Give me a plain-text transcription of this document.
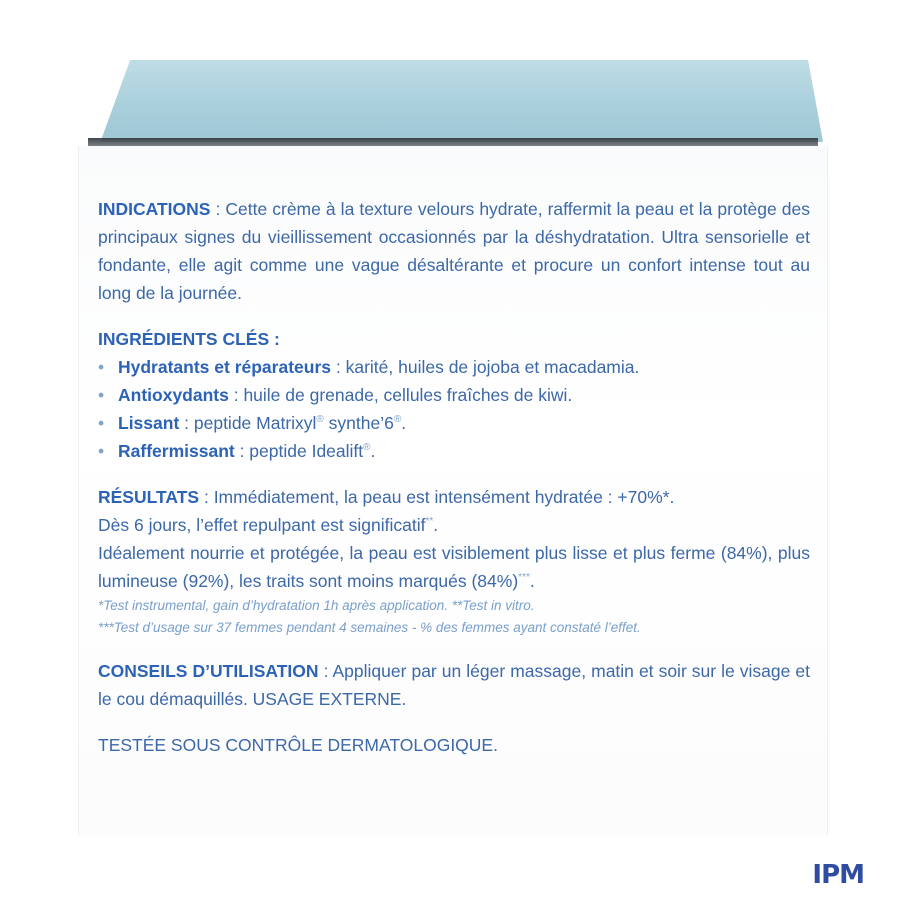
INDICATIONS : Cette crème à la texture velours hydrate, raffermit la peau et la protège des principaux signes du vieillissement occasionnés par la déshydratation. Ultra sensorielle et fondante, elle agit comme une vague désaltérante et procure un confort intense tout au long de la journée.

INGRÉDIENTS CLÉS :

• Hydratants et réparateurs : karité, huiles de jojoba et macadamia.
• Antioxydants : huile de grenade, cellules fraîches de kiwi.
• Lissant : peptide Matrixyl® synthe’6®.
• Raffermissant : peptide Idealift®.

RÉSULTATS : Immédiatement, la peau est intensément hydratée : +70%*.

Dès 6 jours, l’effet repulpant est significatif**.

Idéalement nourrie et protégée, la peau est visiblement plus lisse et plus ferme (84%), plus lumineuse (92%), les traits sont moins marqués (84%)***.

*Test instrumental, gain d’hydratation 1h après application. **Test in vitro.

***Test d’usage sur 37 femmes pendant 4 semaines - % des femmes ayant constaté l’effet.

CONSEILS D’UTILISATION : Appliquer par un léger massage, matin et soir sur le visage et le cou démaquillés. USAGE EXTERNE.

TESTÉE SOUS CONTRÔLE DERMATOLOGIQUE.

IPM
